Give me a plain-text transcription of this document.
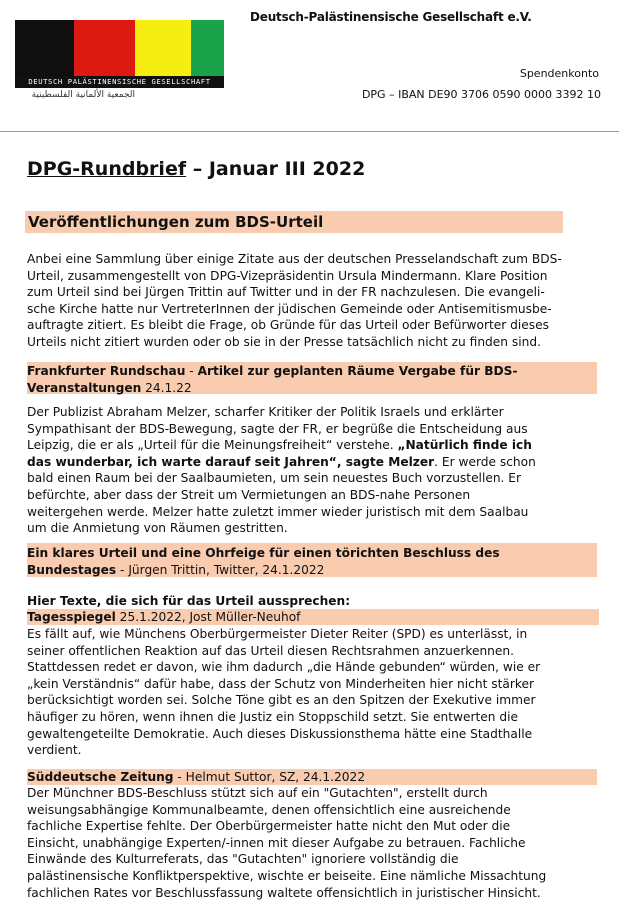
DEUTSCH PALÄSTINENSISCHE GESELLSCHAFT
الجمعية الألمانية الفلسطينية
Deutsch-Palästinensische Gesellschaft e.V.
Spendenkonto
DPG – IBAN DE90 3706 0590 0000 3392 10
DPG-Rundbrief – Januar III 2022
Veröffentlichungen zum BDS-Urteil
Anbei eine Sammlung über einige Zitate aus der deutschen Presselandschaft zum BDS-
Urteil, zusammengestellt von DPG-Vizepräsidentin Ursula Mindermann. Klare Position
zum Urteil sind bei Jürgen Trittin auf Twitter und in der FR nachzulesen. Die evangeli-
sche Kirche hatte nur VertreterInnen der jüdischen Gemeinde oder Antisemitismusbe-
auftragte zitiert. Es bleibt die Frage, ob Gründe für das Urteil oder Befürworter dieses
Urteils nicht zitiert wurden oder ob sie in der Presse tatsächlich nicht zu finden sind.
Frankfurter Rundschau - Artikel zur geplanten Räume Vergabe für BDS-
Veranstaltungen 24.1.22
Der Publizist Abraham Melzer, scharfer Kritiker der Politik Israels und erklärter
Sympathisant der BDS-Bewegung, sagte der FR, er begrüße die Entscheidung aus
Leipzig, die er als „Urteil für die Meinungsfreiheit“ verstehe. „Natürlich finde ich
das wunderbar, ich warte darauf seit Jahren“, sagte Melzer. Er werde schon
bald einen Raum bei der Saalbaumieten, um sein neuestes Buch vorzustellen. Er
befürchte, aber dass der Streit um Vermietungen an BDS-nahe Personen
weitergehen werde. Melzer hatte zuletzt immer wieder juristisch mit dem Saalbau
um die Anmietung von Räumen gestritten.
Ein klares Urteil und eine Ohrfeige für einen törichten Beschluss des
Bundestages - Jürgen Trittin, Twitter, 24.1.2022
Hier Texte, die sich für das Urteil aussprechen:
Tagesspiegel 25.1.2022, Jost Müller-Neuhof
Es fällt auf, wie Münchens Oberbürgermeister Dieter Reiter (SPD) es unterlässt, in
seiner offentlichen Reaktion auf das Urteil diesen Rechtsrahmen anzuerkennen.
Stattdessen redet er davon, wie ihm dadurch „die Hände gebunden“ würden, wie er
„kein Verständnis“ dafür habe, dass der Schutz von Minderheiten hier nicht stärker
berücksichtigt worden sei. Solche Töne gibt es an den Spitzen der Exekutive immer
häufiger zu hören, wenn ihnen die Justiz ein Stoppschild setzt. Sie entwerten die
gewaltengeteilte Demokratie. Auch dieses Diskussionsthema hätte eine Stadthalle
verdient.
Süddeutsche Zeitung - Helmut Suttor, SZ, 24.1.2022
Der Münchner BDS-Beschluss stützt sich auf ein "Gutachten", erstellt durch
weisungsabhängige Kommunalbeamte, denen offensichtlich eine ausreichende
fachliche Expertise fehlte. Der Oberbürgermeister hatte nicht den Mut oder die
Einsicht, unabhängige Experten/-innen mit dieser Aufgabe zu betrauen. Fachliche
Einwände des Kulturreferats, das "Gutachten" ignoriere vollständig die
palästinensische Konfliktperspektive, wischte er beiseite. Eine nämliche Missachtung
fachlichen Rates vor Beschlussfassung waltete offensichtlich in juristischer Hinsicht.
